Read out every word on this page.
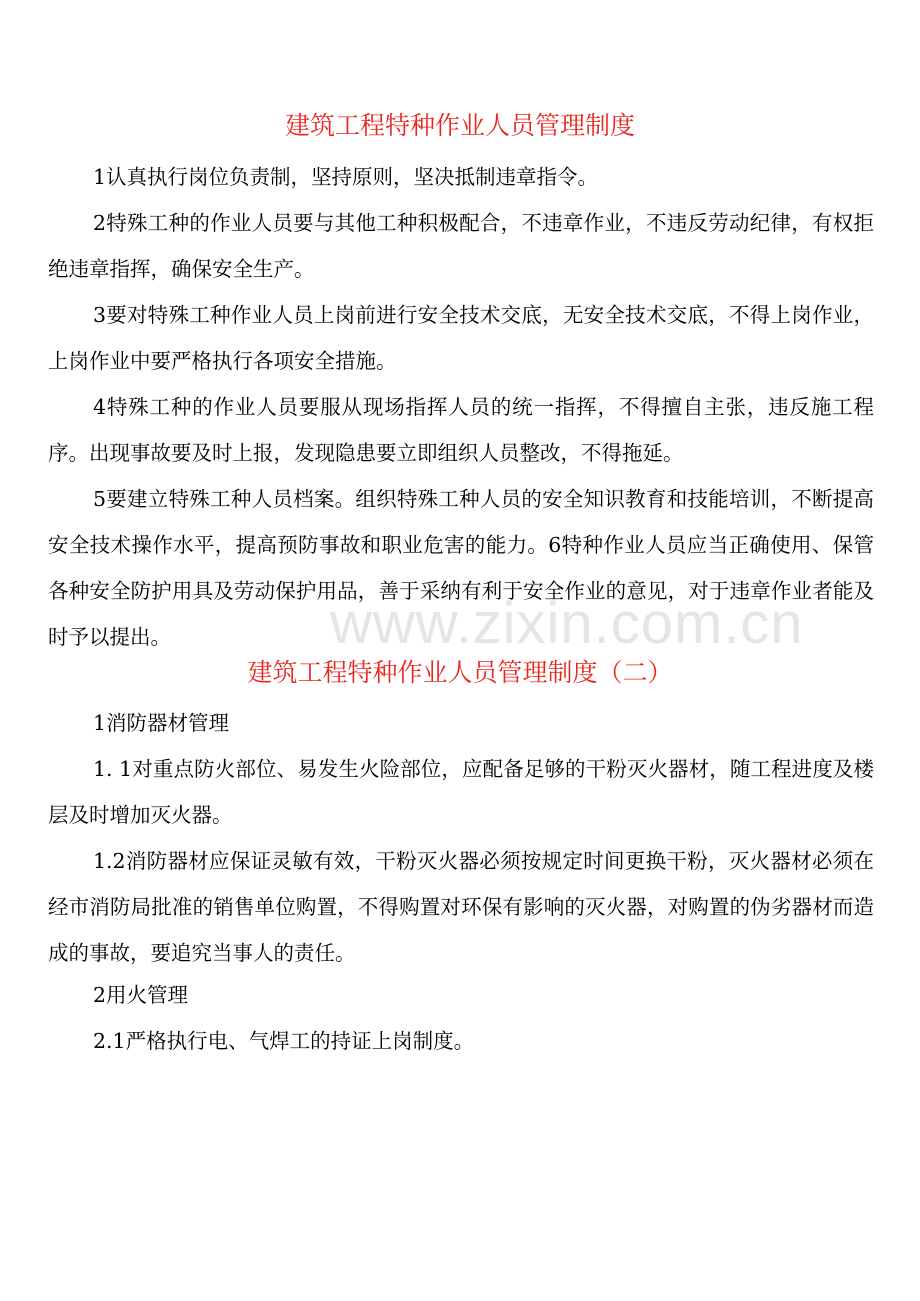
建筑工程特种作业人员管理制度

1认真执行岗位负责制，坚持原则，坚决抵制违章指令。

2特殊工种的作业人员要与其他工种积极配合，不违章作业，不违反劳动纪律，有权拒绝违章指挥，确保安全生产。

3要对特殊工种作业人员上岗前进行安全技术交底，无安全技术交底，不得上岗作业，上岗作业中要严格执行各项安全措施。

4特殊工种的作业人员要服从现场指挥人员的统一指挥，不得擅自主张，违反施工程序。出现事故要及时上报，发现隐患要立即组织人员整改，不得拖延。

5要建立特殊工种人员档案。组织特殊工种人员的安全知识教育和技能培训，不断提高安全技术操作水平，提高预防事故和职业危害的能力。6特种作业人员应当正确使用、保管各种安全防护用具及劳动保护用品，善于采纳有利于安全作业的意见，对于违章作业者能及时予以提出。

建筑工程特种作业人员管理制度（二）

1消防器材管理

1. 1对重点防火部位、易发生火险部位，应配备足够的干粉灭火器材，随工程进度及楼层及时增加灭火器。

1.2消防器材应保证灵敏有效，干粉灭火器必须按规定时间更换干粉，灭火器材必须在经市消防局批准的销售单位购置，不得购置对环保有影响的灭火器，对购置的伪劣器材而造成的事故，要追究当事人的责任。

2用火管理

2.1严格执行电、气焊工的持证上岗制度。

www.zixin.com.cn
